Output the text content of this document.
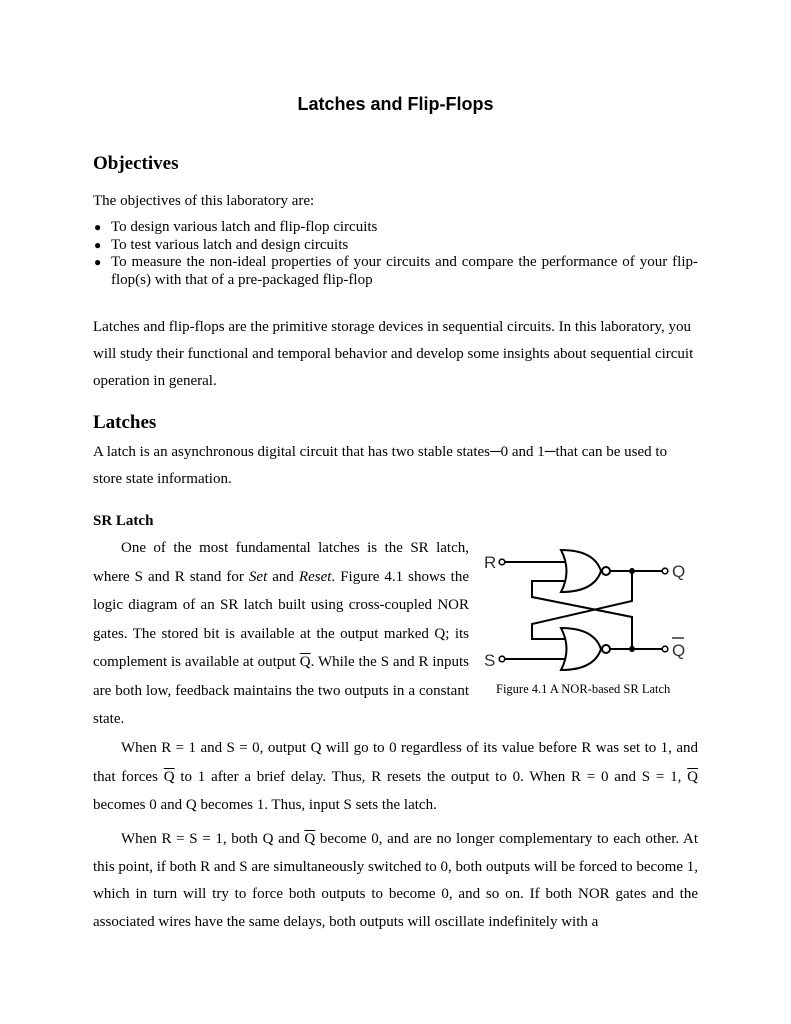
Latches and Flip-Flops
Objectives
The objectives of this laboratory are:
● To design various latch and flip-flop circuits
● To test various latch and design circuits
● To measure the non-ideal properties of your circuits and compare the performance of your flip-flop(s) with that of a pre-packaged flip-flop
Latches and flip-flops are the primitive storage devices in sequential circuits. In this laboratory, you will study their functional and temporal behavior and develop some insights about sequential circuit operation in general.
Latches
A latch is an asynchronous digital circuit that has two stable states─0 and 1─that can be used to store state information.
SR Latch
One of the most fundamental latches is the SR latch, where S and R stand for Set and Reset. Figure 4.1 shows the logic diagram of an SR latch built using cross-coupled NOR gates. The stored bit is available at the output marked Q; its complement is available at output $\overline{Q}$. While the S and R inputs are both low, feedback maintains the two outputs in a constant state.
R
S
Q
Q
Figure 4.1 A NOR-based SR Latch
When R = 1 and S = 0, output Q will go to 0 regardless of its value before R was set to 1, and that forces $\overline{Q}$ to 1 after a brief delay. Thus, R resets the output to 0. When R = 0 and S = 1, $\overline{Q}$ becomes 0 and Q becomes 1. Thus, input S sets the latch.
When R = S = 1, both Q and $\overline{Q}$ become 0, and are no longer complementary to each other. At this point, if both R and S are simultaneously switched to 0, both outputs will be forced to become 1, which in turn will try to force both outputs to become 0, and so on. If both NOR gates and the associated wires have the same delays, both outputs will oscillate indefinitely with a
